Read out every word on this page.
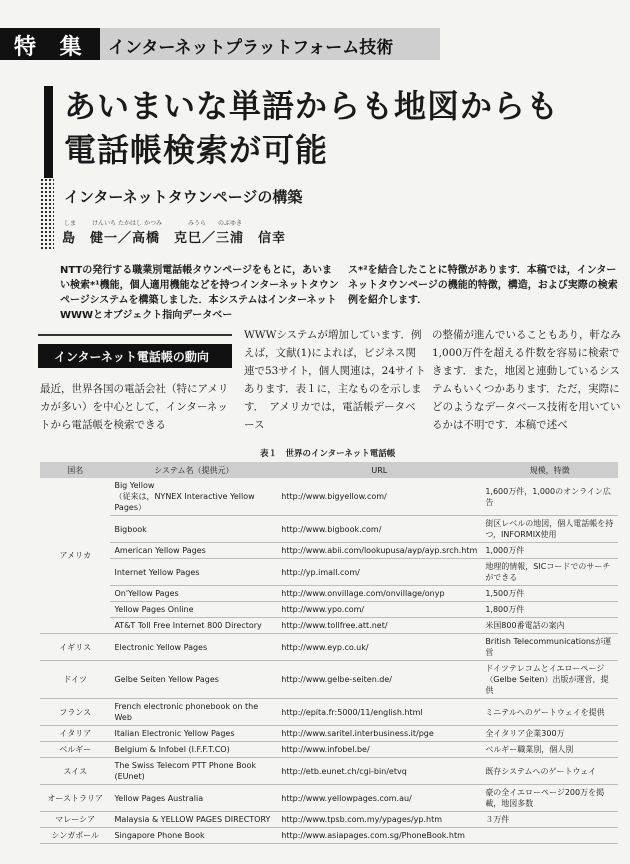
特 集 インターネットプラットフォーム技術
あいまいな単語からも地図からも
電話帳検索が可能
インターネットタウンページの構築
しま	けんいち たかはし かつみ	みうら	のぶゆき
島　健一／高橋　克巳／三浦　信幸
NTTの発行する職業別電話帳タウンページをもとに，あいまい検索*¹機能，個人適用機能などを持つインターネットタウンページシステムを構築しました．本システムはインターネットWWWとオブジェクト指向データベー
ス*²を結合したことに特徴があります．本稿では，インターネットタウンページの機能的特徴，構造，および実際の検索例を紹介します．
インターネット電話帳の動向
最近，世界各国の電話会社（特にアメリカが多い）を中心として，インターネットから電話帳を検索できる
WWWシステムが増加しています．例えば，文献(1)によれば，ビジネス関連で53サイト，個人関連は，24サイトあります．表１に，主なものを示します．　アメリカでは，電話帳データベース
の整備が進んでいることもあり，軒なみ1,000万件を超える件数を容易に検索できます．また，地図と連動しているシステムもいくつかあります．ただ，実際にどのようなデータベース技術を用いているかは不明です．本稿で述べ
表１　世界のインターネット電話帳
国名	システム名（提供元）	URL	規模，特徴
アメリカ	Big Yellow
（従来は，NYNEX Interactive Yellow Pages）	http://www.bigyellow.com/	1,600万件，1,000のオンライン広告
	Bigbook	http://www.bigbook.com/	街区レベルの地図，個人電話帳を持つ，INFORMIX使用
	American Yellow Pages	http://www.abii.com/lookupusa/ayp/ayp.srch.htm	1,000万件
	Internet Yellow Pages	http://yp.imall.com/	地理的情報，SICコードでのサーチができる
	On'Yellow Pages	http://www.onvillage.com/onvillage/onyp	1,500万件
	Yellow Pages Online	http://www.ypo.com/	1,800万件
	AT&T Toll Free Internet 800 Directory	http://www.tollfree.att.net/	米国800番電話の案内
イギリス	Electronic Yellow Pages	http://www.eyp.co.uk/	British Telecommunicationsが運営
ドイツ	Gelbe Seiten Yellow Pages	http://www.gelbe-seiten.de/	ドイツテレコムとイエローページ（Gelbe Seiten）出版が運営，提供
フランス	French electronic phonebook on the Web	http://epita.fr:5000/11/english.html	ミニテルへのゲートウェイを提供
イタリア	Italian Electronic Yellow Pages	http://www.saritel.interbusiness.it/pge	全イタリア企業300万
ベルギー	Belgium & Infobel (I.F.F.T.CO)	http://www.infobel.be/	ベルギー職業別，個人別
スイス	The Swiss Telecom PTT Phone Book
(EUnet)	http://etb.eunet.ch/cgi-bin/etvq	既存システムへのゲートウェイ
オーストラリア	Yellow Pages Australia	http://www.yellowpages.com.au/	豪の全イエローページ200万を掲載，地図多数
マレーシア	Malaysia & YELLOW PAGES DIRECTORY	http://www.tpsb.com.my/ypages/yp.htm	３万件
シンガポール	Singapore Phone Book	http://www.asiapages.com.sg/PhoneBook.htm	
